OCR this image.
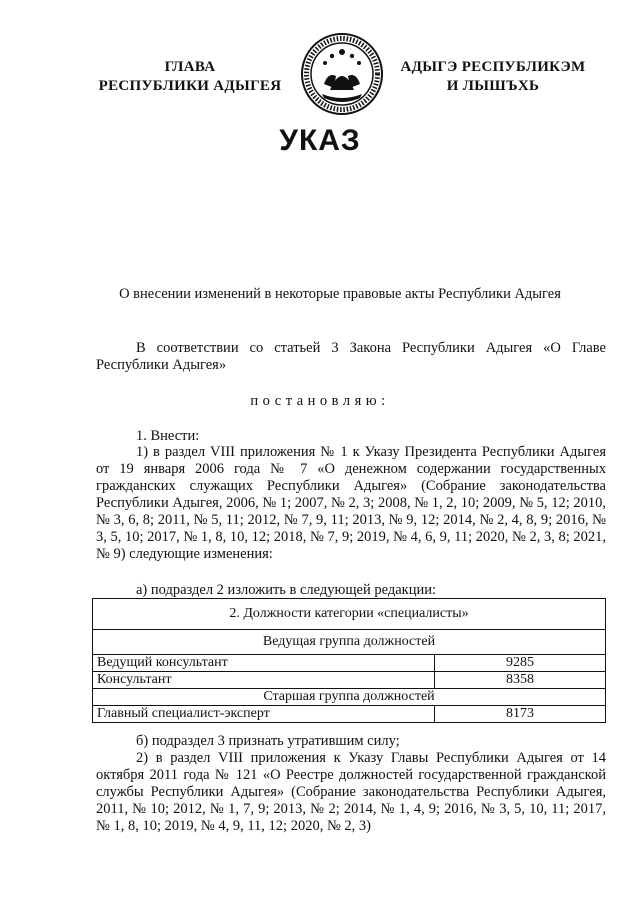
ГЛАВА
РЕСПУБЛИКИ АДЫГЕЯ
АДЫГЭ РЕСПУБЛИКЭМ
И ЛЫШЪХЬ
УКАЗ
О внесении изменений в некоторые правовые акты Республики Адыгея
В соответствии со статьей 3 Закона Республики Адыгея «О Главе Республики Адыгея»
постановляю:
1. Внести:
1) в раздел VIII приложения № 1 к Указу Президента Республики Адыгея от 19 января 2006 года № 7 «О денежном содержании государственных гражданских служащих Республики Адыгея» (Собрание законодательства Республики Адыгея, 2006, № 1; 2007, № 2, 3; 2008, № 1, 2, 10; 2009, № 5, 12; 2010, № 3, 6, 8; 2011, № 5, 11; 2012, № 7, 9, 11; 2013, № 9, 12; 2014, № 2, 4, 8, 9; 2016, № 3, 5, 10; 2017, № 1, 8, 10, 12; 2018, № 7, 9; 2019, № 4, 6, 9, 11; 2020, № 2, 3, 8; 2021, № 9) следующие изменения:
а) подраздел 2 изложить в следующей редакции:
2. Должности категории «специалисты»	
Ведущая группа должностей	
Ведущий консультант	9285
Консультант	8358
Старшая группа должностей	
Главный специалист-эксперт	8173
б) подраздел 3 признать утратившим силу;
2) в раздел VIII приложения к Указу Главы Республики Адыгея от 14 октября 2011 года № 121 «О Реестре должностей государственной гражданской службы Республики Адыгея» (Собрание законодательства Республики Адыгея, 2011, № 10; 2012, № 1, 7, 9; 2013, № 2; 2014, № 1, 4, 9; 2016, № 3, 5, 10, 11; 2017, № 1, 8, 10; 2019, № 4, 9, 11, 12; 2020, № 2, 3)
